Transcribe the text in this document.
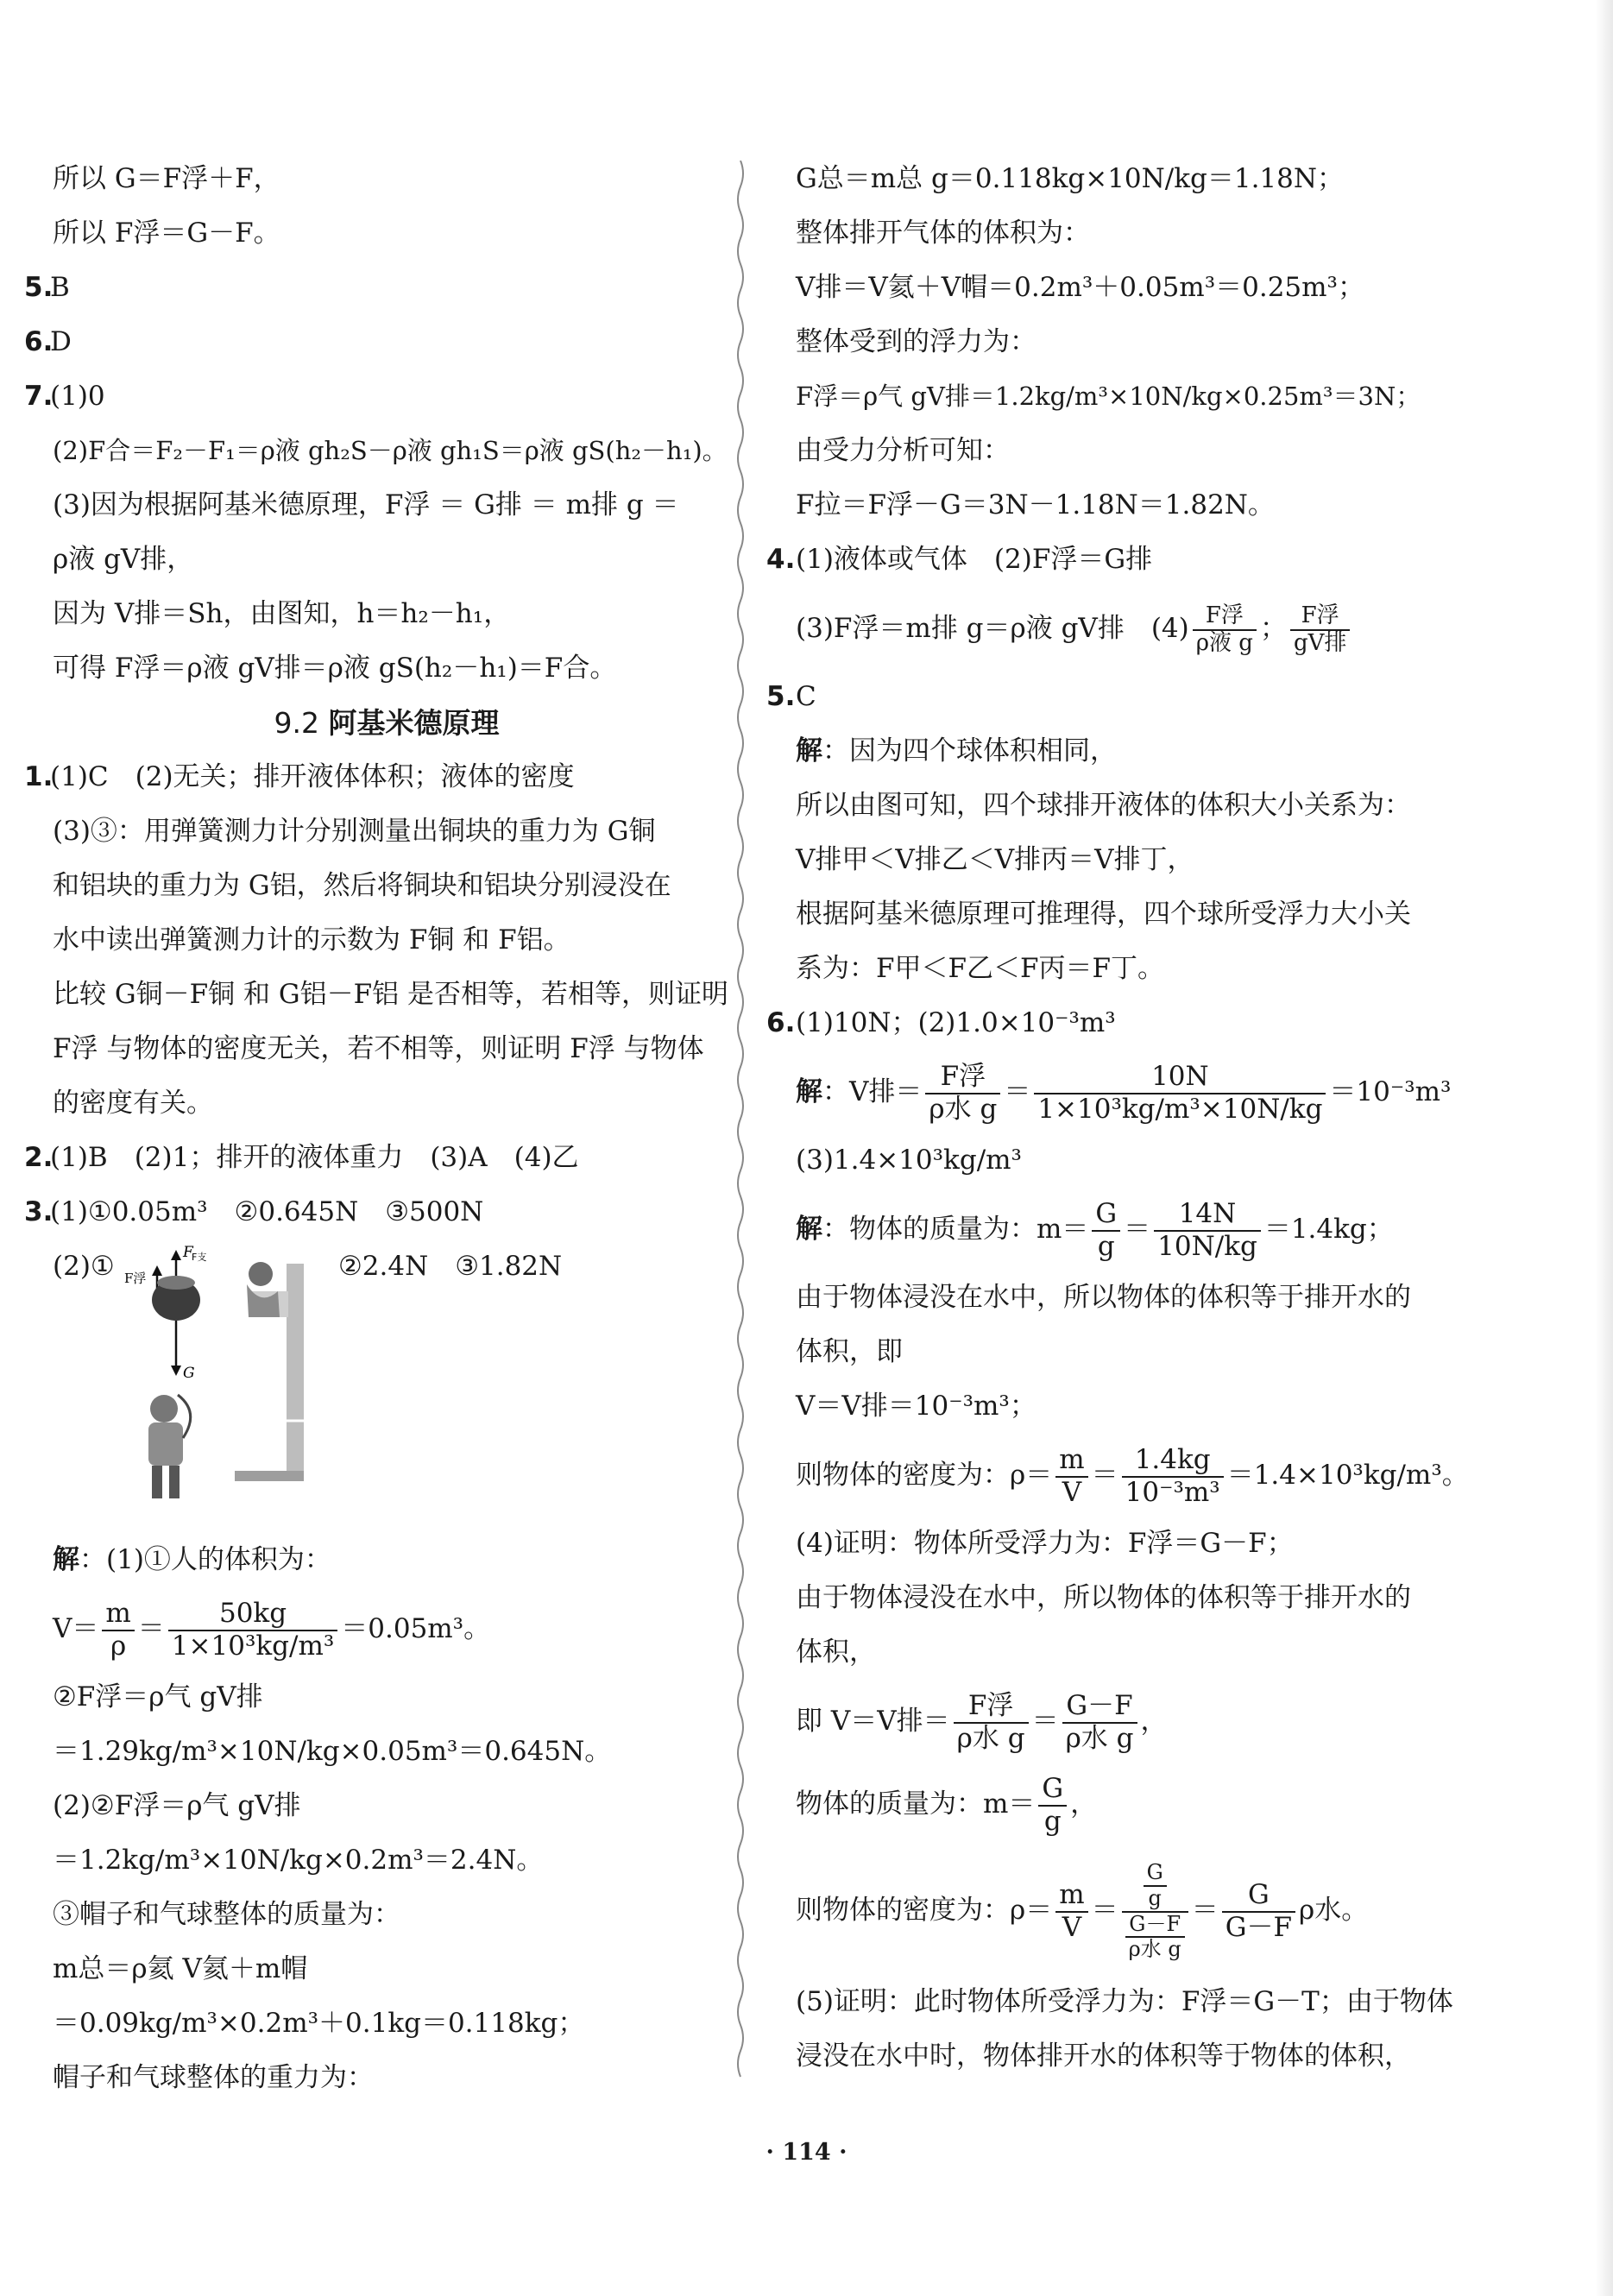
所以 G＝F浮＋F，
所以 F浮＝G－F。
5.
B
6.
D
7.
(1)0
(2)F合＝F₂－F₁＝ρ液 gh₂S－ρ液 gh₁S＝ρ液 gS(h₂－h₁)。
(3)因为根据阿基米德原理，F浮 ＝ G排 ＝ m排 g ＝
ρ液 gV排，
因为 V排＝Sh，由图知，h＝h₂－h₁，
可得 F浮＝ρ液 gV排＝ρ液 gS(h₂－h₁)＝F合。
9.2 阿基米德原理
1.
(1)C　(2)无关；排开液体体积；液体的密度
(3)③：用弹簧测力计分别测量出铜块的重力为 G铜
和铝块的重力为 G铝，然后将铜块和铝块分别浸没在
水中读出弹簧测力计的示数为 F铜 和 F铝。
比较 G铜－F铜 和 G铝－F铝 是否相等，若相等，则证明
F浮 与物体的密度无关，若不相等，则证明 F浮 与物体
的密度有关。
2.
(1)B　(2)1；排开的液体重力　(3)A　(4)乙
3.
(1)①0.05m³　②0.645N　③500N
(2)①	F
F支
F浮
G
②2.4N　③1.82N
解：(1)①人的体积为：
$V= \frac{m}{\rho} = \frac{50kg}{\text{1×10³kg/m³}} =0.05m^3$。
②F浮＝ρ气 gV排
＝1.29kg/m³×10N/kg×0.05m³＝0.645N。
(2)②F浮＝ρ气 gV排
＝1.2kg/m³×10N/kg×0.2m³＝2.4N。
③帽子和气球整体的质量为：
m总＝ρ氦 V氦＋m帽
＝0.09kg/m³×0.2m³＋0.1kg＝0.118kg；
帽子和气球整体的重力为：
G总＝m总 g＝0.118kg×10N/kg＝1.18N；
整体排开气体的体积为：
V排＝V氦＋V帽＝0.2m³＋0.05m³＝0.25m³；
整体受到的浮力为：
F浮＝ρ气 gV排＝1.2kg/m³×10N/kg×0.25m³＝3N；
由受力分析可知：
F拉＝F浮－G＝3N－1.18N＝1.82N。
4. (1)液体或气体　(2)F浮＝G排
(3)F浮＝m排 g＝ρ液 gV排　$(4) \frac{\text{F浮}}{\text{ρ液 g}}$ ； $\frac{\text{F浮}}{\text{gV排}}$
5. C
解：因为四个球体积相同，
所以由图可知，四个球排开液体的体积大小关系为：
V排甲＜V排乙＜V排丙＝V排丁，
根据阿基米德原理可推理得，四个球所受浮力大小关
系为：F甲＜F乙＜F丙＝F丁。
6. (1)10N；(2)1.0×10⁻³m³
解：V排＝ $\frac{\text{F浮}}{\text{ρ水 g}} = \frac{10N}{\text{1×10³kg/m³×10N/kg}} =10^{-3}m^3$
(3)1.4×10³kg/m³
解：物体的质量为：$m= \frac{G}{g} = \frac{14N}{10N/kg} =1.4kg$；
由于物体浸没在水中，所以物体的体积等于排开水的
体积，即
V＝V排＝10⁻³m³；
则物体的密度为：$\rho= \frac{m}{V} = \frac{1.4kg}{\text{10⁻³m³}} =1.4\times 10^3kg/m^3$。
(4)证明：物体所受浮力为：F浮＝G－F；
由于物体浸没在水中，所以物体的体积等于排开水的
体积，
即 V＝V排＝ $\frac{\text{F浮}}{\text{ρ水 g}} = \frac{G-F}{\text{ρ水 g}}$ ，
物体的质量为：$m= \frac{G}{g}$ ，
则物体的密度为：$\rho= \frac{m}{V} = \frac{\frac{G}{g}}{\frac{G-F}{\text{ρ水 g}}} = \frac{G}{G-F}$ ρ水。
(5)证明：此时物体所受浮力为：F浮＝G－T；由于物体
浸没在水中时，物体排开水的体积等于物体的体积，
· 114 ·
